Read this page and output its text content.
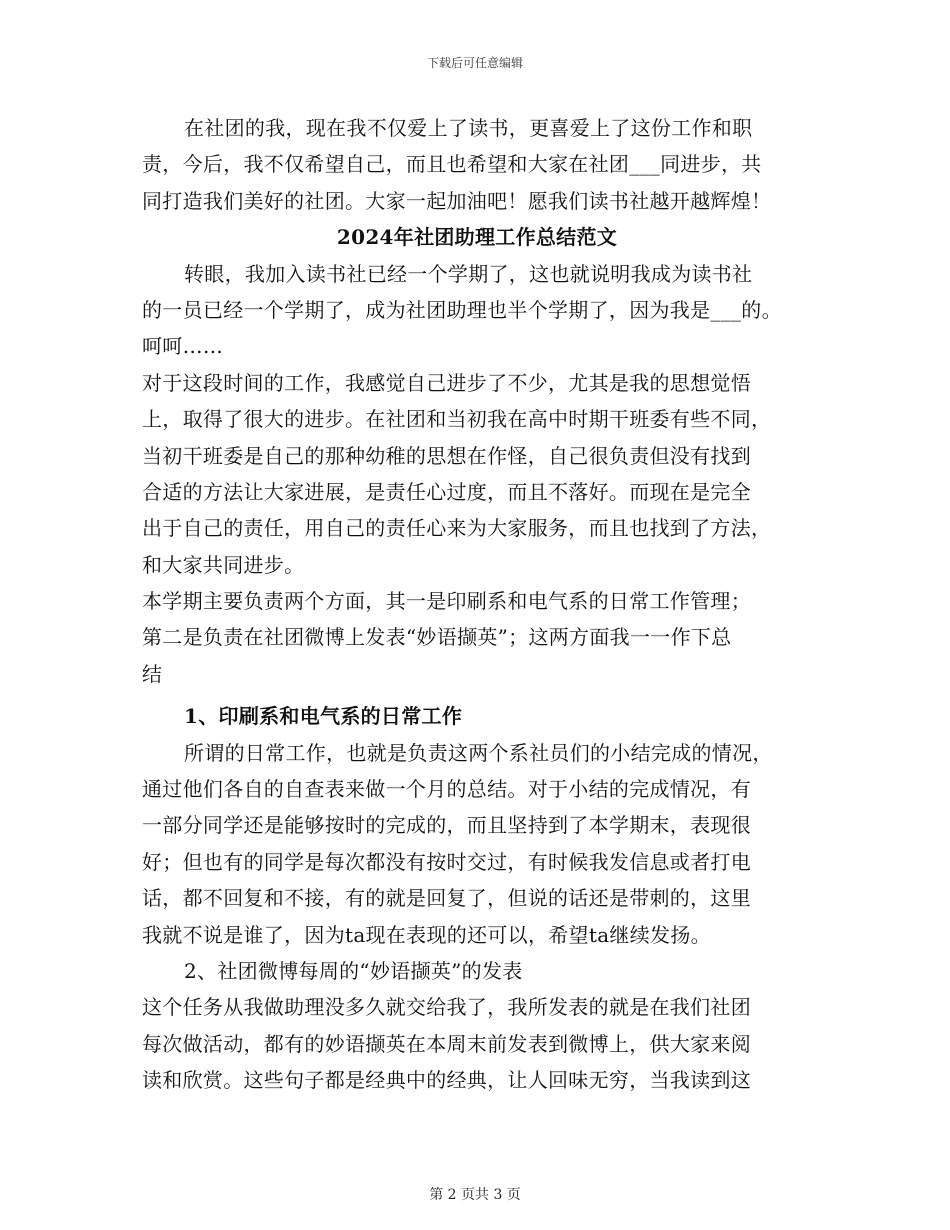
下载后可任意编辑
在社团的我，现在我不仅爱上了读书，更喜爱上了这份工作和职
责，今后，我不仅希望自己，而且也希望和大家在社团___同进步，共
同打造我们美好的社团。大家一起加油吧！愿我们读书社越开越辉煌！
2024年社团助理工作总结范文
转眼，我加入读书社已经一个学期了，这也就说明我成为读书社
的一员已经一个学期了，成为社团助理也半个学期了，因为我是___的。
呵呵……
对于这段时间的工作，我感觉自己进步了不少，尤其是我的思想觉悟
上，取得了很大的进步。在社团和当初我在高中时期干班委有些不同，
当初干班委是自己的那种幼稚的思想在作怪，自己很负责但没有找到
合适的方法让大家进展，是责任心过度，而且不落好。而现在是完全
出于自己的责任，用自己的责任心来为大家服务，而且也找到了方法，
和大家共同进步。
本学期主要负责两个方面，其一是印刷系和电气系的日常工作管理；
第二是负责在社团微博上发表“妙语撷英”；这两方面我一一作下总
结
1、印刷系和电气系的日常工作
所谓的日常工作，也就是负责这两个系社员们的小结完成的情况，
通过他们各自的自查表来做一个月的总结。对于小结的完成情况，有
一部分同学还是能够按时的完成的，而且坚持到了本学期末，表现很
好；但也有的同学是每次都没有按时交过，有时候我发信息或者打电
话，都不回复和不接，有的就是回复了，但说的话还是带刺的，这里
我就不说是谁了，因为ta现在表现的还可以，希望ta继续发扬。
2、社团微博每周的“妙语撷英”的发表
这个任务从我做助理没多久就交给我了，我所发表的就是在我们社团
每次做活动，都有的妙语撷英在本周末前发表到微博上，供大家来阅
读和欣赏。这些句子都是经典中的经典，让人回味无穷，当我读到这
第 2 页共 3 页
